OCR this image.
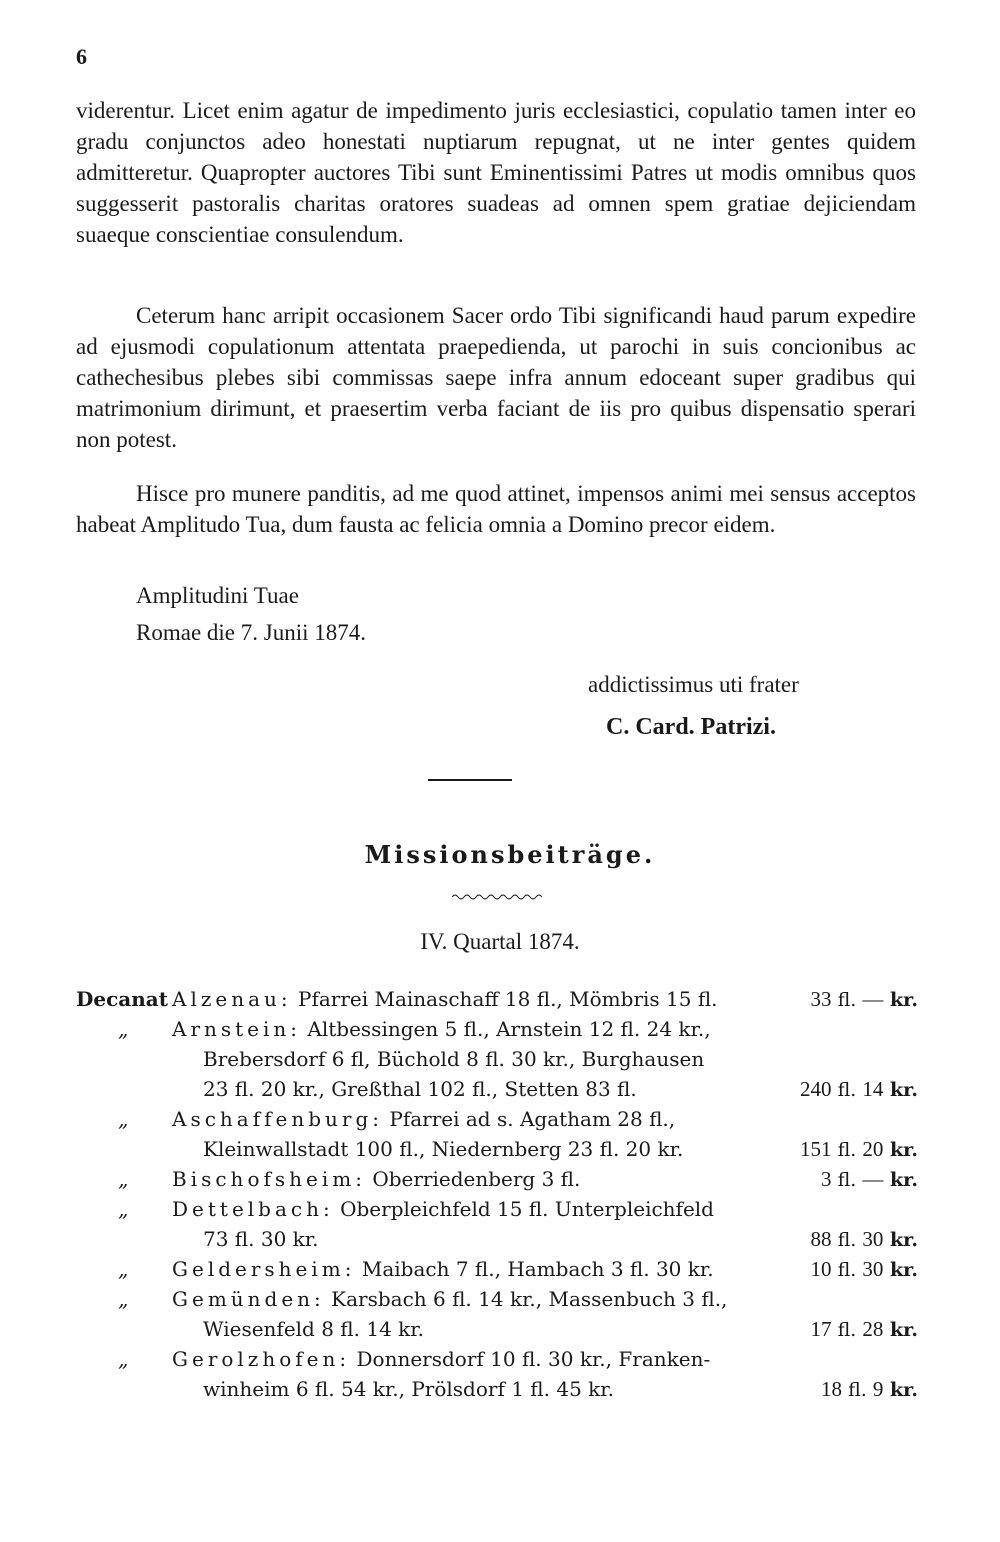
6

viderentur. Licet enim agatur de impedimento juris ecclesiastici, copulatio tamen inter eo gradu conjunctos adeo honestati nuptiarum repugnat, ut ne inter gentes quidem admitteretur. Quapropter auctores Tibi sunt Eminentissimi Patres ut modis omnibus quos suggesserit pastoralis charitas oratores suadeas ad omnen spem gratiae dejiciendam suaeque conscientiae consulendum.

Ceterum hanc arripit occasionem Sacer ordo Tibi significandi haud parum expedire ad ejusmodi copulationum attentata praepedienda, ut parochi in suis concionibus ac cathechesibus plebes sibi commissas saepe infra annum edoceant super gradibus qui matrimonium dirimunt, et praesertim verba faciant de iis pro quibus dispensatio sperari non potest.

Hisce pro munere panditis, ad me quod attinet, impensos animi mei sensus acceptos habeat Amplitudo Tua, dum fausta ac felicia omnia a Domino precor eidem.

Amplitudini Tuae
Romae die 7. Junii 1874.
addictissimus uti frater
C. Card. Patrizi.
Missionsbeiträge.
IV. Quartal 1874.
Decanat Alzenau: Pfarrei Mainaschaff 18 fl., Mömbris 15 fl.	33 fl. — kr.
„ Arnstein: Altbessingen 5 fl., Arnstein 12 fl. 24 kr.,
Brebersdorf 6 fl, Büchold 8 fl. 30 kr., Burghausen
23 fl. 20 kr., Greßthal 102 fl., Stetten 83 fl.	240 fl. 14 kr.
„ Aschaffenburg: Pfarrei ad s. Agatham 28 fl.,
Kleinwallstadt 100 fl., Niedernberg 23 fl. 20 kr.	151 fl. 20 kr.
„ Bischofsheim: Oberriedenberg 3 fl.	3 fl. — kr.
„ Dettelbach: Oberpleichfeld 15 fl. Unterpleichfeld
73 fl. 30 kr.	88 fl. 30 kr.
„ Geldersheim: Maibach 7 fl., Hambach 3 fl. 30 kr.	10 fl. 30 kr.
„ Gemünden: Karsbach 6 fl. 14 kr., Massenbuch 3 fl.,
Wiesenfeld 8 fl. 14 kr.	17 fl. 28 kr.
„ Gerolzhofen: Donnersdorf 10 fl. 30 kr., Franken-
winheim 6 fl. 54 kr., Prölsdorf 1 fl. 45 kr.	18 fl. 9 kr.
